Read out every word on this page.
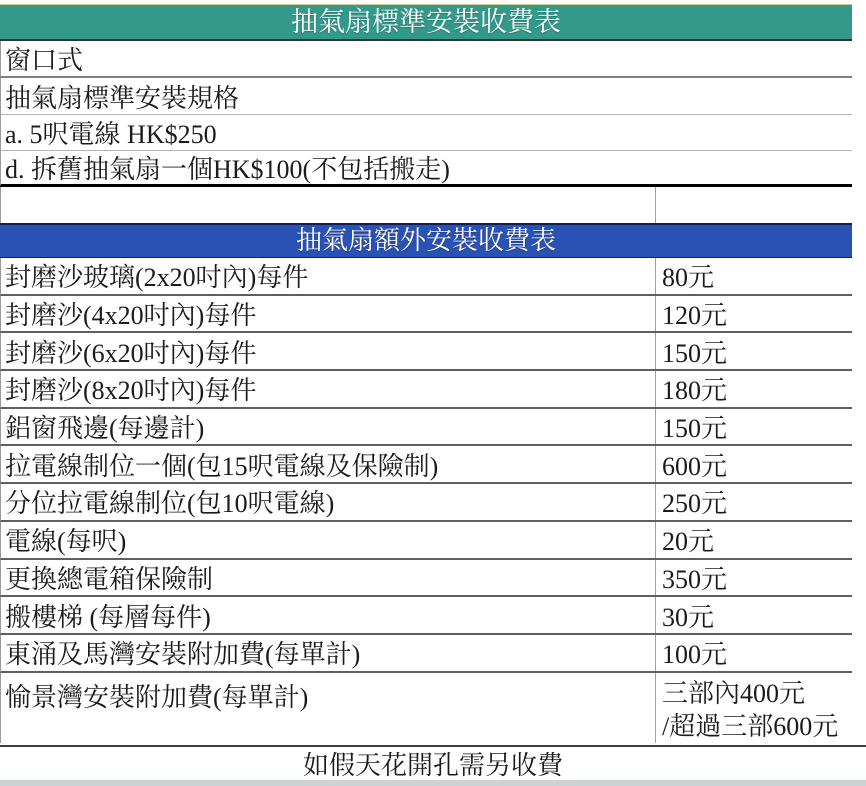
抽氣扇標準安裝收費表
窗口式
抽氣扇標準安裝規格
a. 5呎電線 HK$250
d. 拆舊抽氣扇一個HK$100(不包括搬走)
抽氣扇額外安裝收費表
封磨沙玻璃(2x20吋內)每件	80元
封磨沙(4x20吋內)每件	120元
封磨沙(6x20吋內)每件	150元
封磨沙(8x20吋內)每件	180元
鋁窗飛邊(每邊計)	150元
拉電線制位一個(包15呎電線及保險制)	600元
分位拉電線制位(包10呎電線)	250元
電線(每呎)	20元
更換總電箱保險制	350元
搬樓梯 (每層每件)	30元
東涌及馬灣安裝附加費(每單計)	100元
愉景灣安裝附加費(每單計)	三部內400元
/超過三部600元
如假天花開孔需另收費
